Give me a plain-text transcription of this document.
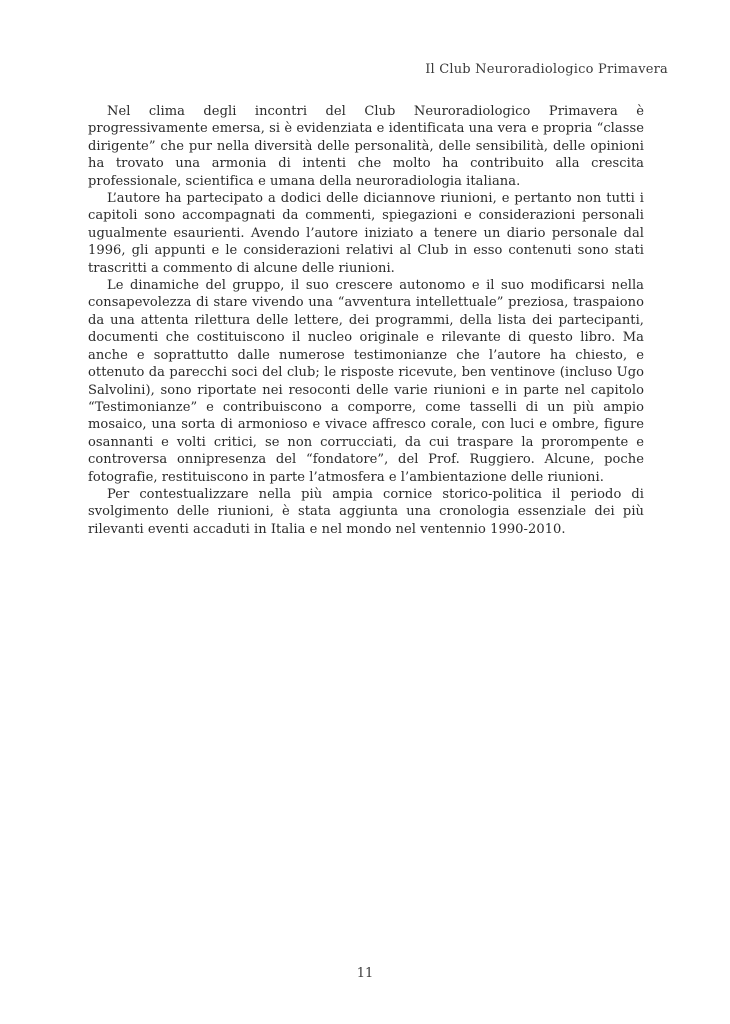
Il Club Neuroradiologico Primavera

Nel clima degli incontri del Club Neuroradiologico Primavera è progressivamente emersa, si è evidenziata e identificata una vera e propria “classe dirigente” che pur nella diversità delle personalità, delle sensibilità, delle opinioni ha trovato una armonia di intenti che molto ha contribuito alla crescita professionale, scientifica e umana della neuroradiologia italiana.

L’autore ha partecipato a dodici delle diciannove riunioni, e pertanto non tutti i capitoli sono accompagnati da commenti, spiegazioni e considerazioni personali ugualmente esaurienti. Avendo l’autore iniziato a tenere un diario personale dal 1996, gli appunti e le considerazioni relativi al Club in esso contenuti sono stati trascritti a commento di alcune delle riunioni.

Le dinamiche del gruppo, il suo crescere autonomo e il suo modificarsi nella consapevolezza di stare vivendo una “avventura intellettuale” preziosa, traspaiono da una attenta rilettura delle lettere, dei programmi, della lista dei partecipanti, documenti che costituiscono il nucleo originale e rilevante di questo libro. Ma anche e soprattutto dalle numerose testimonianze che l’autore ha chiesto, e ottenuto da parecchi soci del club; le risposte ricevute, ben ventinove (incluso Ugo Salvolini), sono riportate nei resoconti delle varie riunioni e in parte nel capitolo “Testimonianze” e contribuiscono a comporre, come tasselli di un più ampio mosaico, una sorta di armonioso e vivace affresco corale, con luci e ombre, figure osannanti e volti critici, se non corrucciati, da cui traspare la prorompente e controversa onnipresenza del “fondatore”, del Prof. Ruggiero. Alcune, poche fotografie, restituiscono in parte l’atmosfera e l’ambientazione delle riunioni.

Per contestualizzare nella più ampia cornice storico-politica il periodo di svolgimento delle riunioni, è stata aggiunta una cronologia essenziale dei più rilevanti eventi accaduti in Italia e nel mondo nel ventennio 1990-2010.

11
